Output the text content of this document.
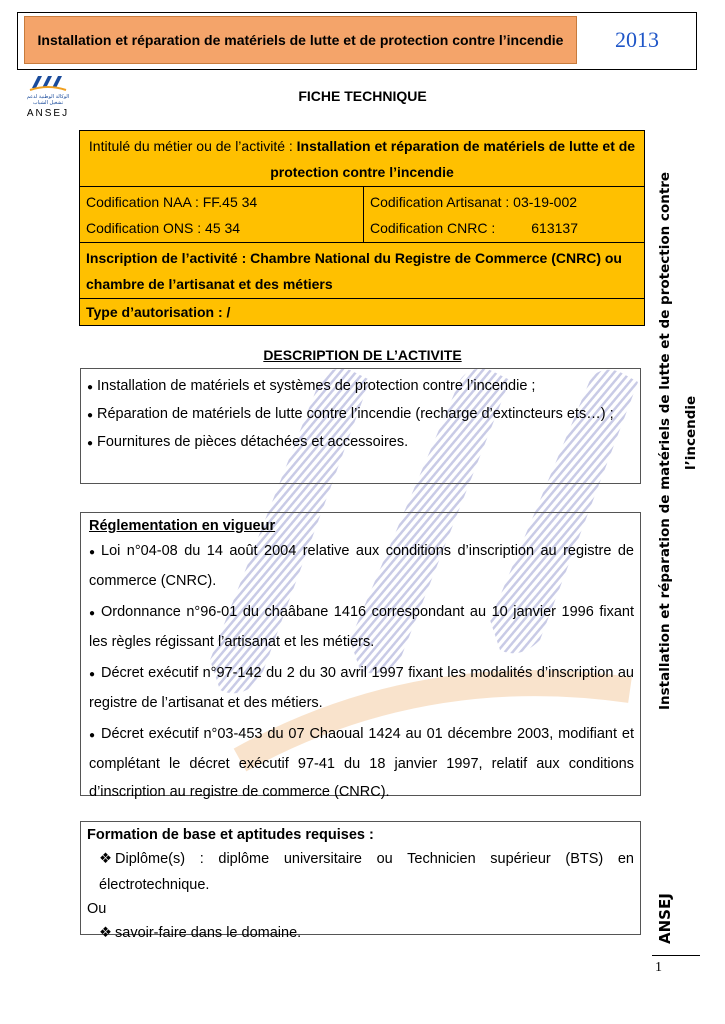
Installation et réparation de matériels de lutte et de protection contre l’incendie	2013
الوكالة الوطنية لدعم تشغيل الشباب
ANSEJ
FICHE TECHNIQUE
Intitulé du métier ou de l’activité : Installation et réparation de matériels de lutte et de protection contre l’incendie
Codification NAA : FF.45 34
Codification ONS : 45 34
Codification Artisanat : 03-19-002
Codification CNRC :	613137
Inscription de l’activité : Chambre National du Registre de Commerce (CNRC) ou chambre de l’artisanat et des métiers
Type d’autorisation : /
DESCRIPTION DE L’ACTIVITE
● Installation de matériels et systèmes de protection contre l’incendie ;
● Réparation de matériels de lutte contre l’incendie (recharge d’extincteurs ets…) ;
● Fournitures de pièces détachées et accessoires.
Réglementation en vigueur
● Loi n°04-08 du 14 août 2004 relative aux conditions d’inscription au registre de commerce (CNRC).
● Ordonnance n°96-01 du chaâbane 1416 correspondant au 10 janvier 1996 fixant les règles régissant l’artisanat et les métiers.
● Décret exécutif n°97-142 du 2 du 30 avril 1997 fixant les modalités d’inscription au registre de l’artisanat et des métiers.
● Décret exécutif n°03-453 du 07 Chaoual 1424 au 01 décembre 2003, modifiant et complétant le décret exécutif 97-41 du 18 janvier 1997, relatif aux conditions d’inscription au registre de commerce (CNRC).
Formation de base et aptitudes requises :
❖ Diplôme(s) : diplôme universitaire ou Technicien supérieur (BTS) en électrotechnique.
Ou
❖ savoir-faire dans le domaine.
Installation et réparation de matériels de lutte et de protection contre l’incendie
ANSEJ
1
